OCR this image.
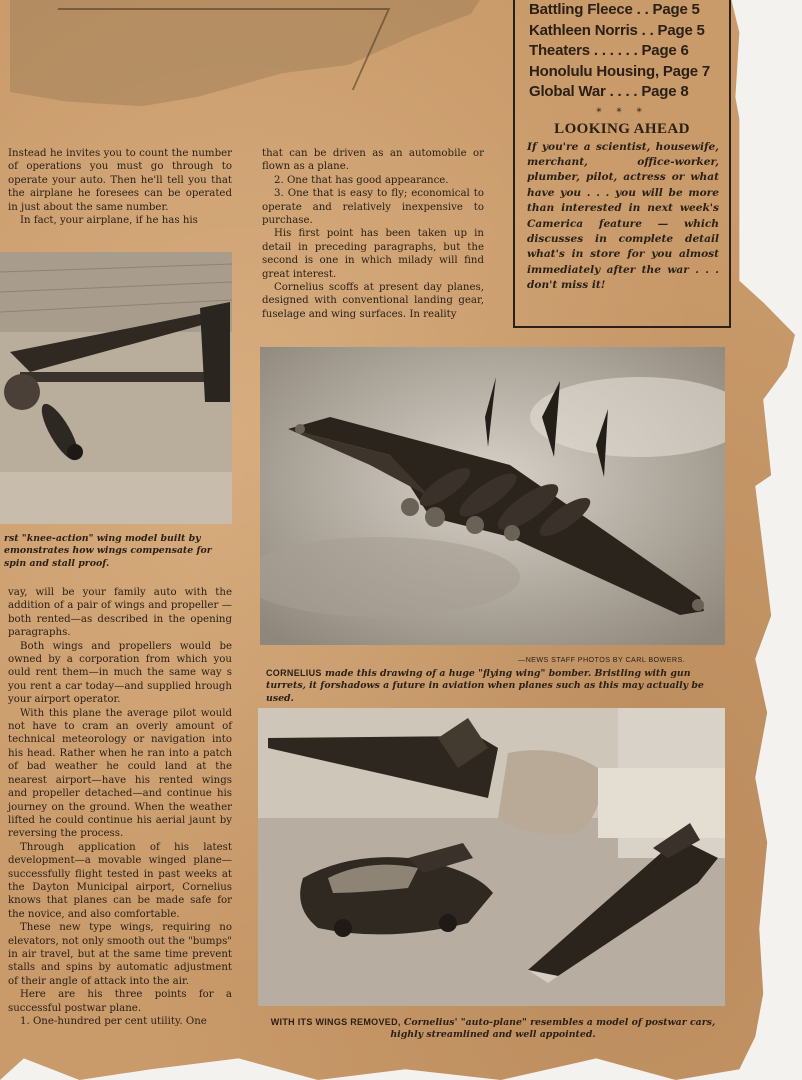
Battling Fleece . . Page 5
Kathleen Norris . . Page 5
Theaters . . . . . . Page 6
Honolulu Housing, Page 7
Global War . . . . Page 8
* * *
LOOKING AHEAD
If you're a scientist, housewife, merchant, office-worker, plumber, pilot, actress or what have you . . . you will be more than interested in next week's Camerica feature — which discusses in complete detail what's in store for you almost immediately after the war . . . don't miss it!

Instead he invites you to count the number of operations you must go through to operate your auto. Then he'll tell you that the airplane he foresees can be operated in just about the same number.

In fact, your airplane, if he has his

rst "knee-action" wing model built by emonstrates how wings compensate for spin and stall proof.

vay, will be your family auto with the addition of a pair of wings and propeller —both rented—as described in the opening paragraphs.

Both wings and propellers would be owned by a corporation from which you ould rent them—in much the same way s you rent a car today—and supplied hrough your airport operator.

With this plane the average pilot would not have to cram an overly amount of technical meteorology or navigation into his head. Rather when he ran into a patch of bad weather he could land at the nearest airport—have his rented wings and propeller detached—and continue his journey on the ground. When the weather lifted he could continue his aerial jaunt by reversing the process.

Through application of his latest development—a movable winged plane—successfully flight tested in past weeks at the Dayton Municipal airport, Cornelius knows that planes can be made safe for the novice, and also comfortable.

These new type wings, requiring no elevators, not only smooth out the "bumps" in air travel, but at the same time prevent stalls and spins by automatic adjustment of their angle of attack into the air.

Here are his three points for a successful postwar plane.

1. One-hundred per cent utility. One

that can be driven as an automobile or flown as a plane.

2. One that has good appearance.

3. One that is easy to fly; economical to operate and relatively inexpensive to purchase.

His first point has been taken up in detail in preceding paragraphs, but the second is one in which milady will find great interest.

Cornelius scoffs at present day planes, designed with conventional landing gear, fuselage and wing surfaces. In reality

—NEWS STAFF PHOTOS BY CARL BOWERS.
CORNELIUS made this drawing of a huge "flying wing" bomber. Bristling with gun turrets, it forshadows a future in aviation when planes such as this may actually be used.
WITH ITS WINGS REMOVED, Cornelius' "auto-plane" resembles a model of postwar cars, highly streamlined and well appointed.
